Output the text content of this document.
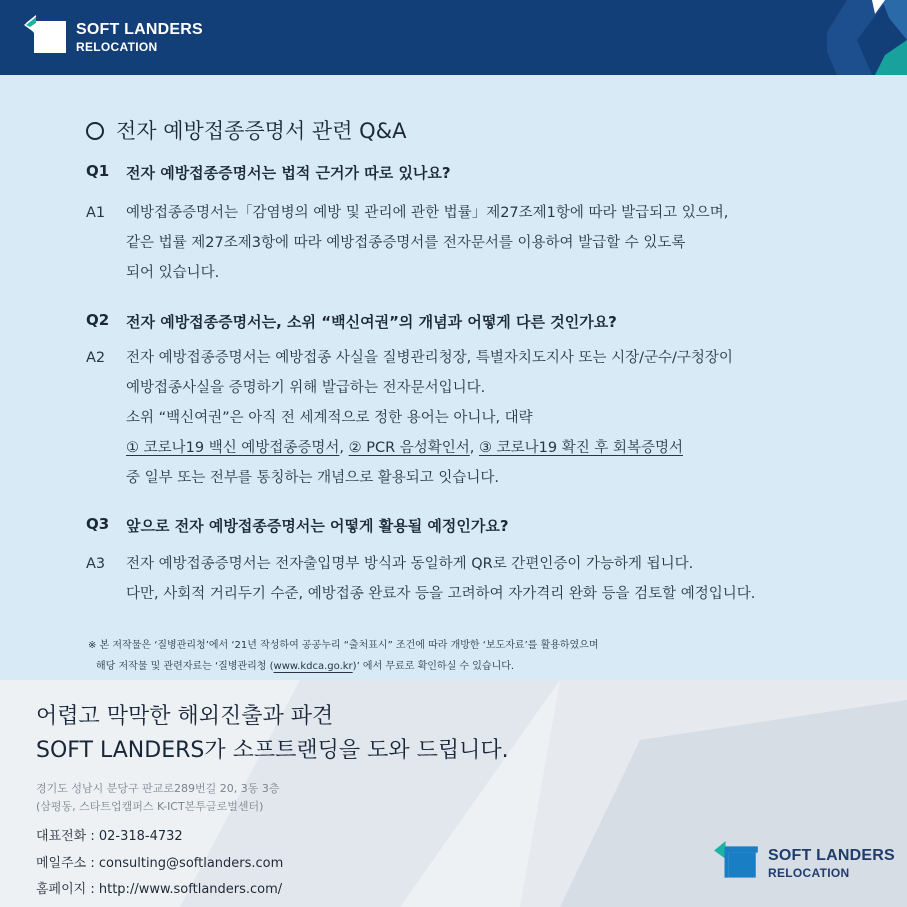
SOFT LANDERS
RELOCATION
전자 예방접종증명서 관련 Q&A
Q1	전자 예방접종증명서는 법적 근거가 따로 있나요?
A1	예방접종증명서는「감염병의 예방 및 관리에 관한 법률」제27조제1항에 따라 발급되고 있으며,
같은 법률 제27조제3항에 따라 예방접종증명서를 전자문서를 이용하여 발급할 수 있도록
되어 있습니다.
Q2	전자 예방접종증명서는, 소위 “백신여권”의 개념과 어떻게 다른 것인가요?
A2	전자 예방접종증명서는 예방접종 사실을 질병관리청장, 특별자치도지사 또는 시장/군수/구청장이
예방접종사실을 증명하기 위해 발급하는 전자문서입니다.
소위 “백신여권”은 아직 전 세계적으로 정한 용어는 아니나, 대략
① 코로나19 백신 예방접종증명서, ② PCR 음성확인서, ③ 코로나19 확진 후 회복증명서
중 일부 또는 전부를 통칭하는 개념으로 활용되고 잇습니다.
Q3	앞으로 전자 예방접종증명서는 어떻게 활용될 예정인가요?
A3	전자 예방접종증명서는 전자출입명부 방식과 동일하게 QR로 간편인증이 가능하게 됩니다.
다만, 사회적 거리두기 수준, 예방접종 완료자 등을 고려하여 자가격리 완화 등을 검토할 예정입니다.
※ 본 저작물은 ‘질병관리청’에서 ‘21년 작성하여 공공누리 “출처표시” 조건에 따라 개방한 ‘보도자료’를 활용하였으며
해당 저작물 및 관련자료는 ‘질병관리청 (www.kdca.go.kr)’ 에서 무료로 확인하실 수 있습니다.
어렵고 막막한 해외진출과 파견
SOFT LANDERS가 소프트랜딩을 도와 드립니다.
경기도 성남시 분당구 판교로289번길 20, 3동 3층
(삼평동, 스타트업캠퍼스 K-ICT본투글로벌센터)
대표전화 : 02-318-4732
메일주소 : consulting@softlanders.com
홈페이지 : http://www.softlanders.com/
SOFT LANDERS
RELOCATION
